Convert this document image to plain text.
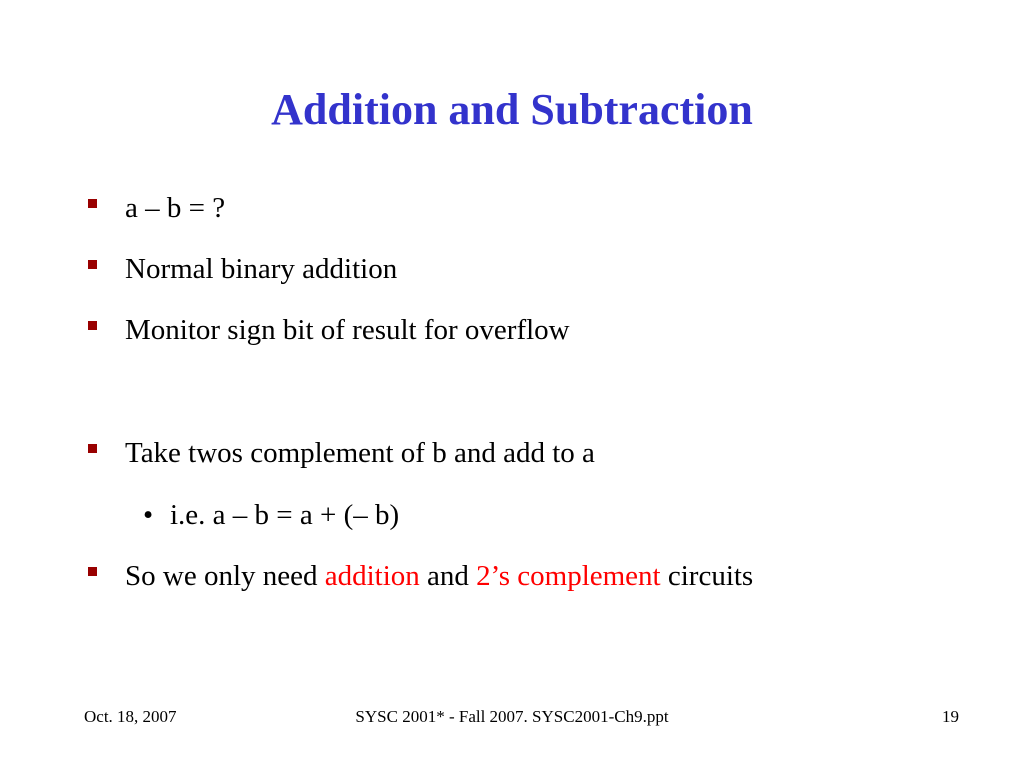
Addition and Subtraction
a – b = ?
Normal binary addition
Monitor sign bit of result for overflow
Take twos complement of b and add to a
• i.e. a – b = a + (– b)
So we only need addition and 2’s complement circuits
Oct. 18, 2007	SYSC 2001* - Fall 2007. SYSC2001-Ch9.ppt	19
